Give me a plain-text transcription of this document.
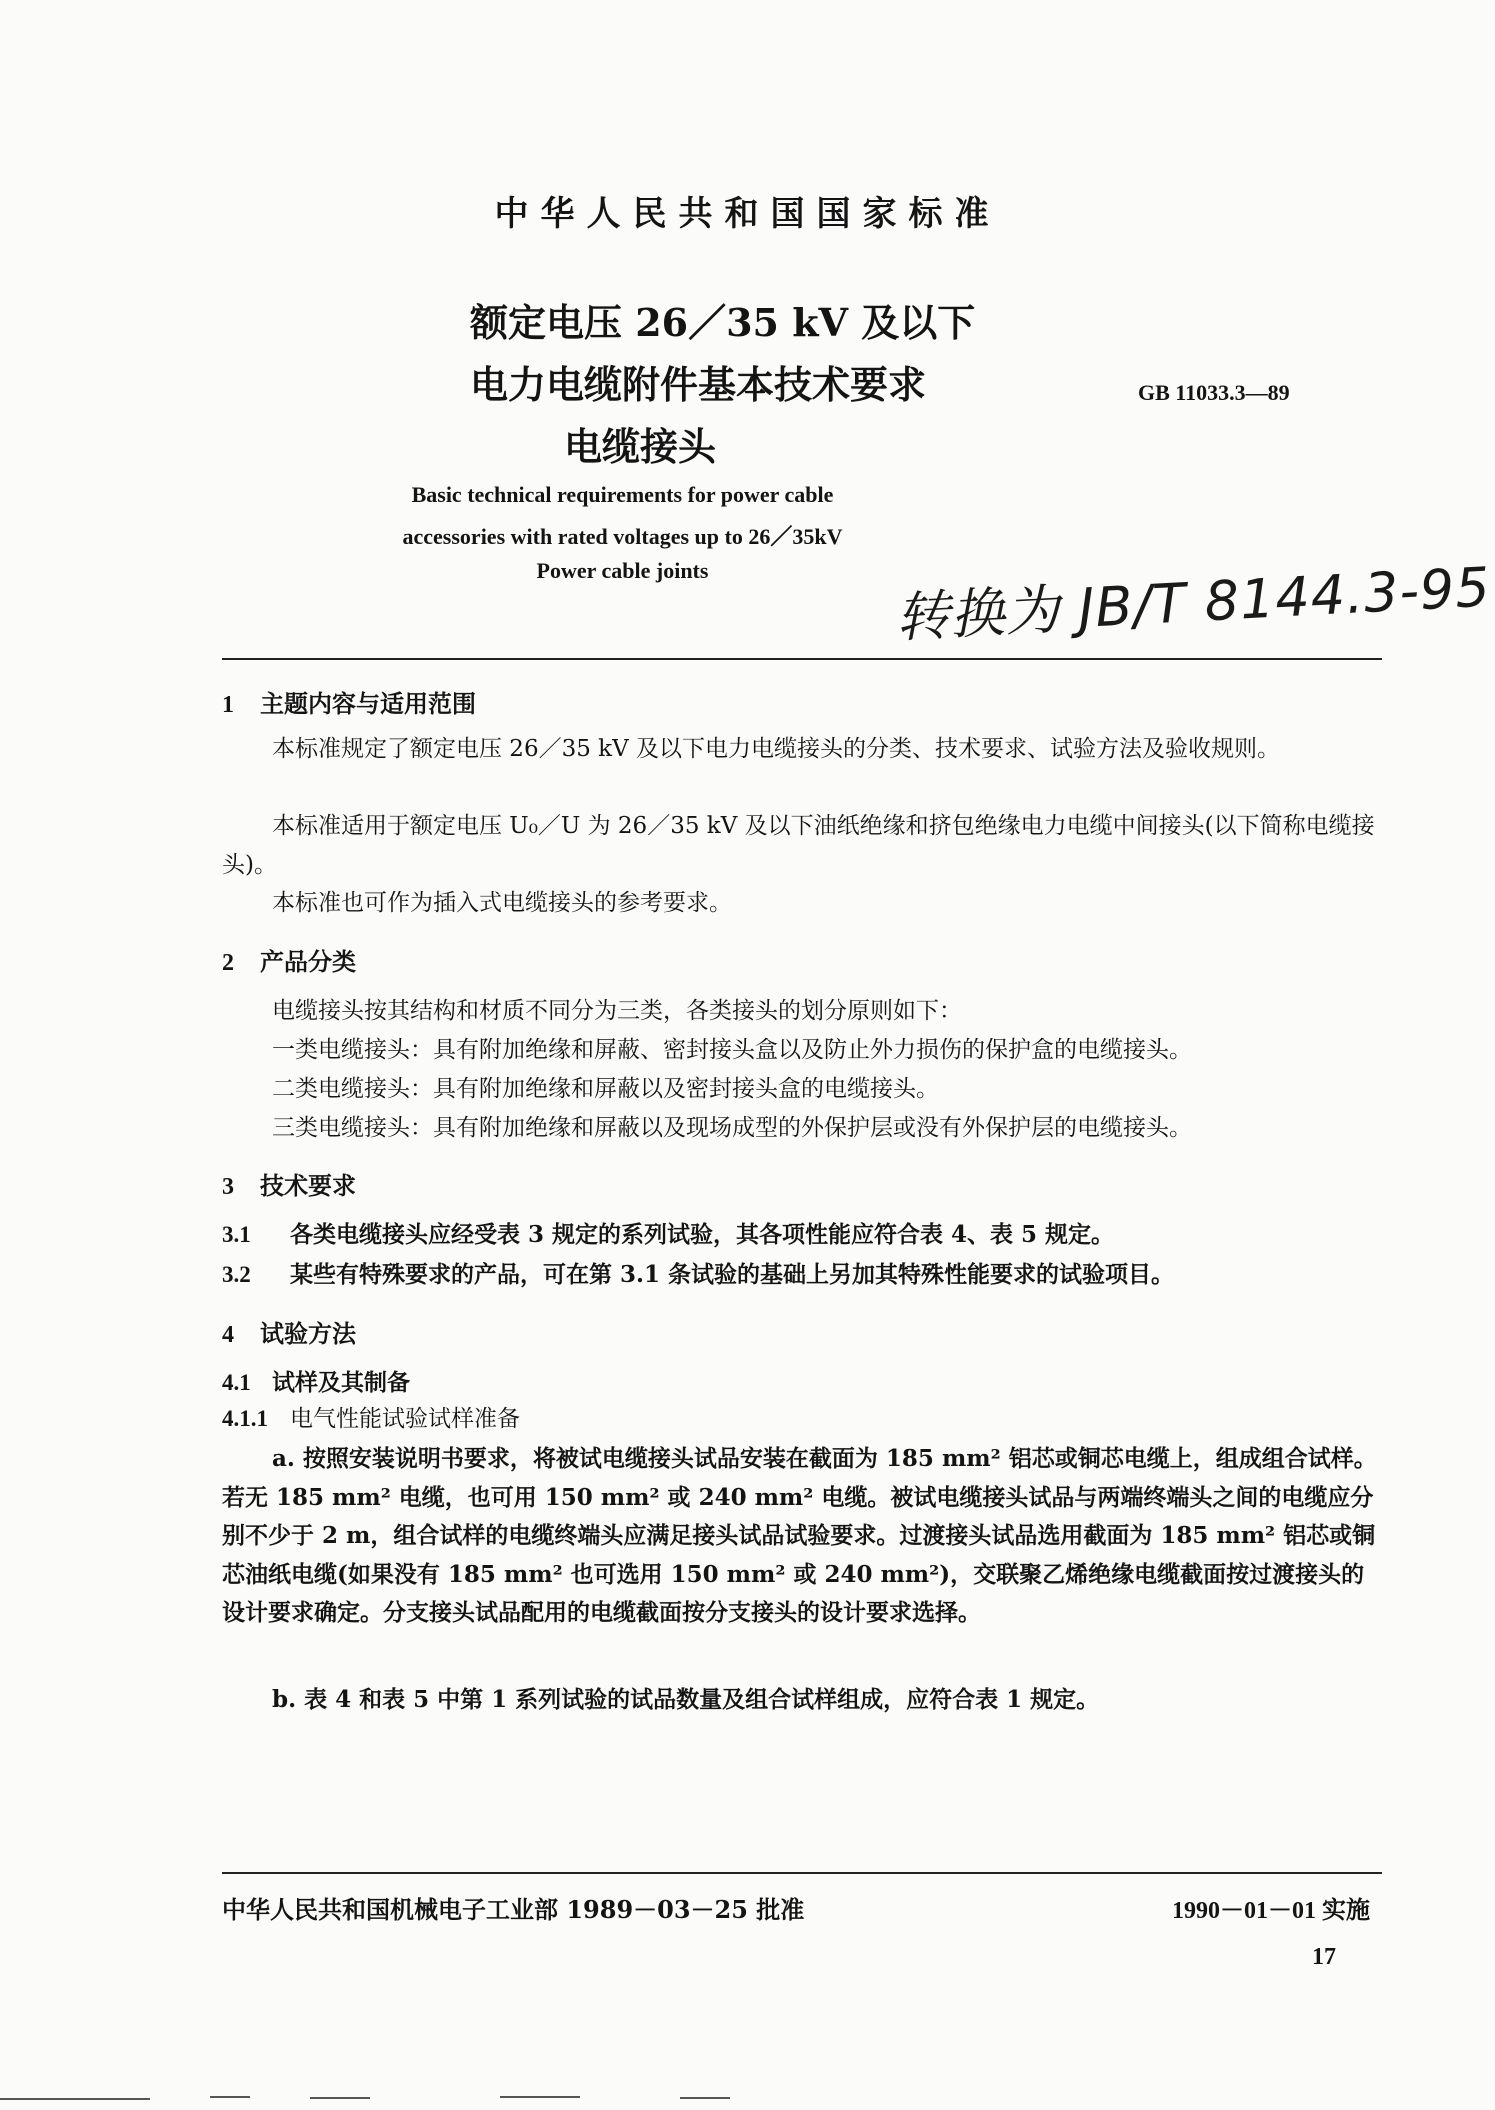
中华人民共和国国家标准
额定电压 26／35 kV 及以下
电力电缆附件基本技术要求
电缆接头
GB 11033.3—89
Basic technical requirements for power cable
accessories with rated voltages up to 26／35kV
Power cable joints	转换为 JB/T 8144.3-95
1 主题内容与适用范围
本标准规定了额定电压 26／35 kV 及以下电力电缆接头的分类、技术要求、试验方法及验收规则。
本标准适用于额定电压 U₀／U 为 26／35 kV 及以下油纸绝缘和挤包绝缘电力电缆中间接头(以下简称电缆接头)。
本标准也可作为插入式电缆接头的参考要求。
2 产品分类
电缆接头按其结构和材质不同分为三类，各类接头的划分原则如下：
一类电缆接头：具有附加绝缘和屏蔽、密封接头盒以及防止外力损伤的保护盒的电缆接头。
二类电缆接头：具有附加绝缘和屏蔽以及密封接头盒的电缆接头。
三类电缆接头：具有附加绝缘和屏蔽以及现场成型的外保护层或没有外保护层的电缆接头。
3 技术要求
3.1 各类电缆接头应经受表 3 规定的系列试验，其各项性能应符合表 4、表 5 规定。
3.2 某些有特殊要求的产品，可在第 3.1 条试验的基础上另加其特殊性能要求的试验项目。
4 试验方法
4.1 试样及其制备
4.1.1 电气性能试验试样准备
a. 按照安装说明书要求，将被试电缆接头试品安装在截面为 185 mm² 铝芯或铜芯电缆上，组成组合试样。若无 185 mm² 电缆，也可用 150 mm² 或 240 mm² 电缆。被试电缆接头试品与两端终端头之间的电缆应分别不少于 2 m，组合试样的电缆终端头应满足接头试品试验要求。过渡接头试品选用截面为 185 mm² 铝芯或铜芯油纸电缆(如果没有 185 mm² 也可选用 150 mm² 或 240 mm²)，交联聚乙烯绝缘电缆截面按过渡接头的设计要求确定。分支接头试品配用的电缆截面按分支接头的设计要求选择。
b. 表 4 和表 5 中第 1 系列试验的试品数量及组合试样组成，应符合表 1 规定。
中华人民共和国机械电子工业部 1989－03－25 批准	1990－01－01 实施
17
